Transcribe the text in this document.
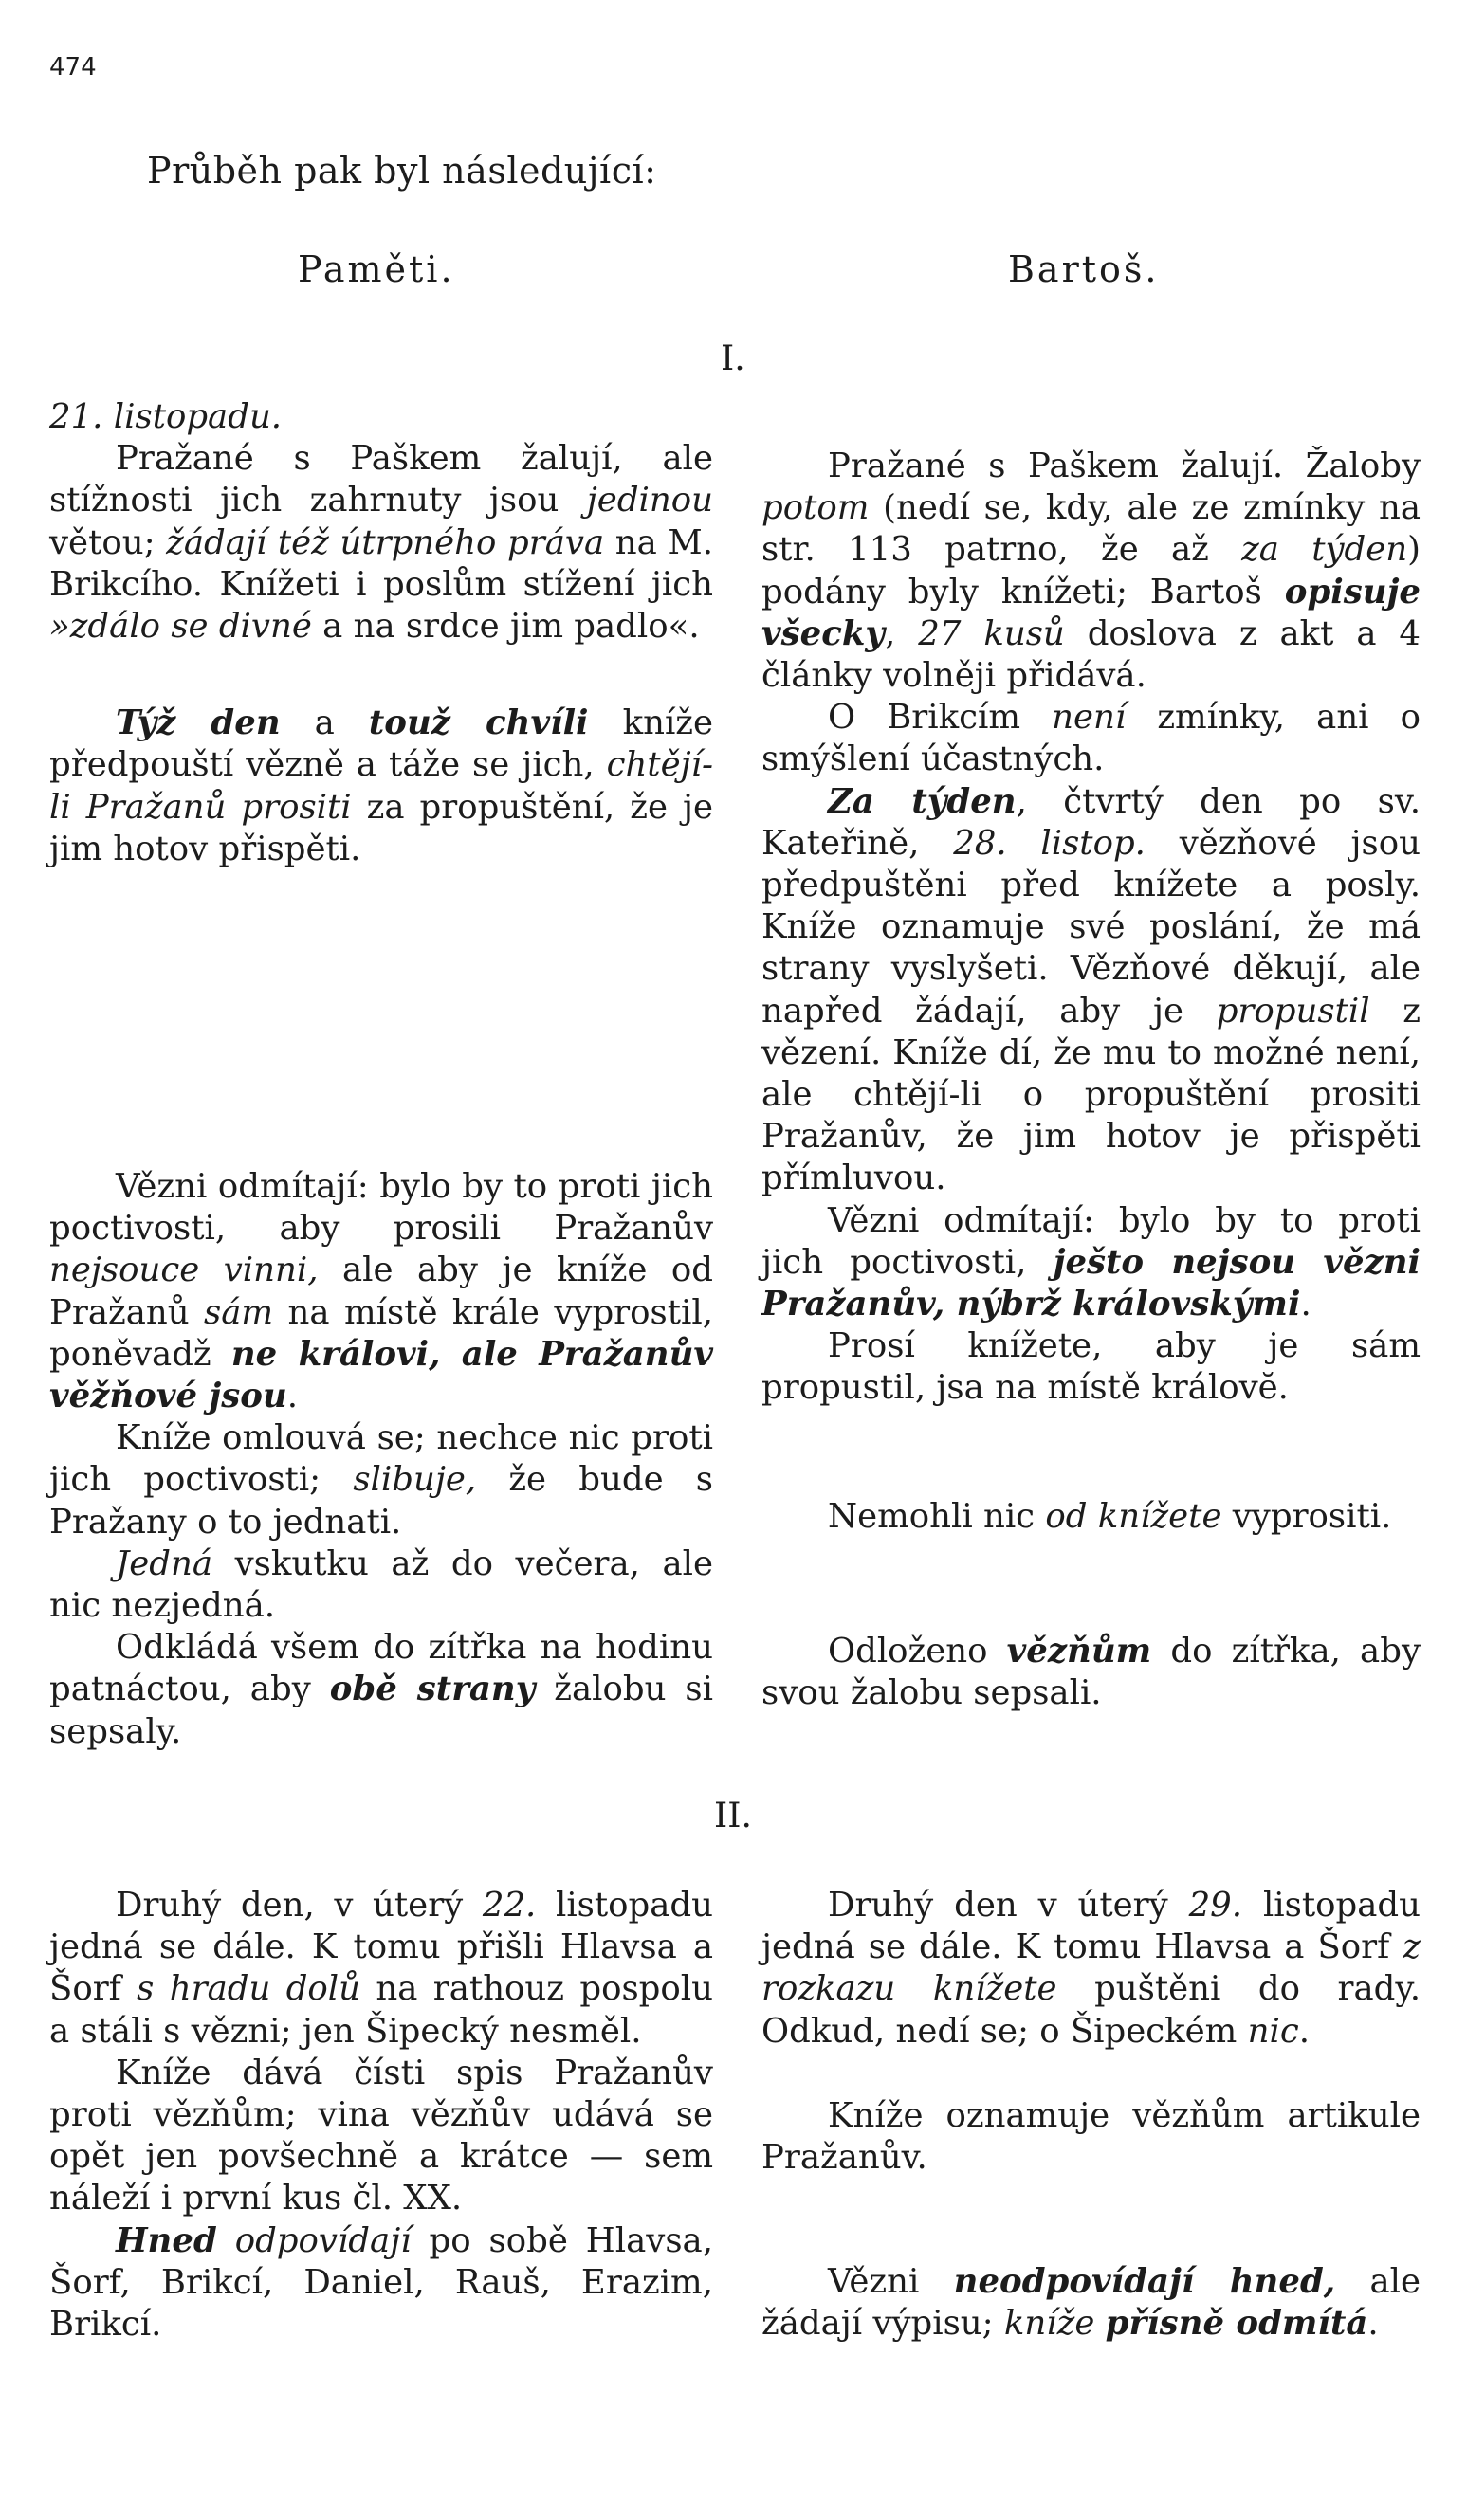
474
Průběh pak byl následující:
Paměti.	Bartoš.
I.

21. listopadu.

Pražané s Paškem žalují, ale stížnosti jich zahrnuty jsou jedinou větou; žádají též útrpného práva na M. Brikcího. Knížeti i poslům stížení jich »zdálo se divné a na srdce jim padlo«.

Týž den a touž chvíli kníže předpouští vězně a táže se jich, chtějí-li Pražanů prositi za propuštění, že je jim hotov přispěti.

Vězni odmítají: bylo by to proti jich poctivosti, aby prosili Pražanův nejsouce vinni, ale aby je kníže od Pražanů sám na místě krále vyprostil, poněvadž ne královi, ale Pražanův věžňové jsou.

Kníže omlouvá se; nechce nic proti jich poctivosti; slibuje, že bude s Pražany o to jednati.

Jedná vskutku až do večera, ale nic nezjedná.

Odkládá všem do zítřka na hodinu patnáctou, aby obě strany žalobu si sepsaly.

Pražané s Paškem žalují. Žaloby potom (nedí se, kdy, ale ze zmínky na str. 113 patrno, že až za týden) podány byly knížeti; Bartoš opisuje všecky, 27 kusů doslova z akt a 4 články volněji přidává.

O Brikcím není zmínky, ani o smýšlení účastných.

Za týden, čtvrtý den po sv. Kateřině, 28. listop. vězňové jsou předpuštěni před knížete a posly. Kníže oznamuje své poslání, že má strany vyslyšeti. Vězňové děkují, ale napřed žádají, aby je propustil z vězení. Kníže dí, že mu to možné není, ale chtějí-li o propuštění prositi Pražanův, že jim hotov je přispěti přímluvou.

Vězni odmítají: bylo by to proti jich poctivosti, ješto nejsou vězni Pražanův, nýbrž královskými.

Prosí knížete, aby je sám propustil, jsa na místě královĕ.

Nemohli nic od knížete vyprositi.

Odloženo vězňům do zítřka, aby svou žalobu sepsali.

II.

Druhý den, v úterý 22. listopadu jedná se dále. K tomu přišli Hlavsa a Šorf s hradu dolů na rathouz pospolu a stáli s vězni; jen Šipecký nesměl.

Kníže dává čísti spis Pražanův proti vězňům; vina vězňův udává se opět jen povšechně a krátce — sem náleží i první kus čl. XX.

Hned odpovídají po sobě Hlavsa, Šorf, Brikcí, Daniel, Rauš, Erazim, Brikcí.

Druhý den v úterý 29. listopadu jedná se dále. K tomu Hlavsa a Šorf z rozkazu knížete puštěni do rady. Odkud, nedí se; o Šipeckém nic.

Kníže oznamuje vězňům artikule Pražanův.

Vězni neodpovídají hned, ale žádají výpisu; kníže přísně odmítá.
